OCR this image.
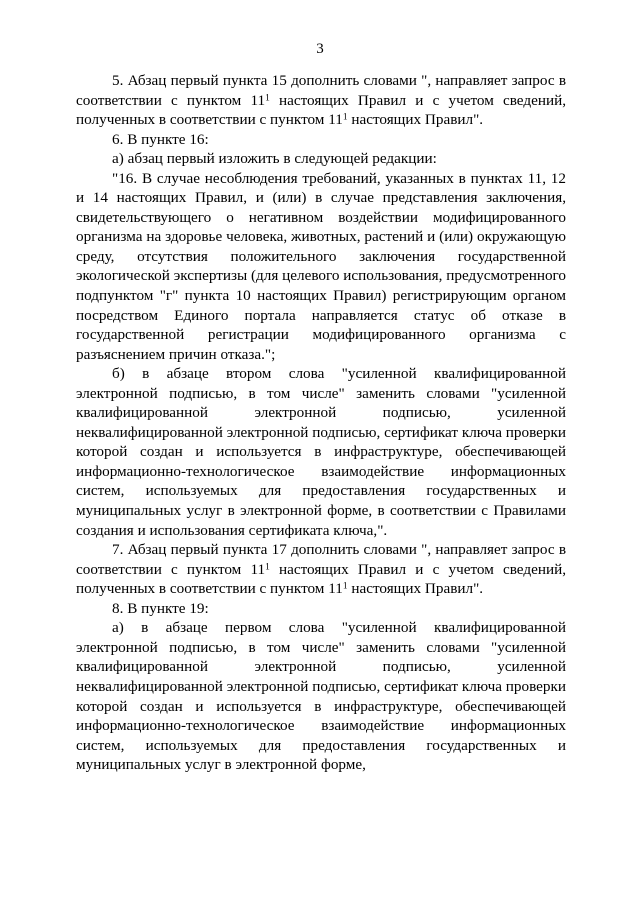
3

5. Абзац первый пункта 15 дополнить словами ", направляет запрос в соответствии с пунктом $11^1$ настоящих Правил и с учетом сведений, полученных в соответствии с пунктом $11^1$ настоящих Правил".

6. В пункте 16:

а) абзац первый изложить в следующей редакции:

"16. В случае несоблюдения требований, указанных в пунктах 11, 12 и 14 настоящих Правил, и (или) в случае представления заключения, свидетельствующего о негативном воздействии модифицированного организма на здоровье человека, животных, растений и (или) окружающую среду, отсутствия положительного заключения государственной экологической экспертизы (для целевого использования, предусмотренного подпунктом "г" пункта 10 настоящих Правил) регистрирующим органом посредством Единого портала направляется статус об отказе в государственной регистрации модифицированного организма с разъяснением причин отказа.";

б) в абзаце втором слова "усиленной квалифицированной электронной подписью, в том числе" заменить словами "усиленной квалифицированной электронной подписью, усиленной неквалифицированной электронной подписью, сертификат ключа проверки которой создан и используется в инфраструктуре, обеспечивающей информационно-технологическое взаимодействие информационных систем, используемых для предоставления государственных и муниципальных услуг в электронной форме, в соответствии с Правилами создания и использования сертификата ключа,".

7. Абзац первый пункта 17 дополнить словами ", направляет запрос в соответствии с пунктом $11^1$ настоящих Правил и с учетом сведений, полученных в соответствии с пунктом $11^1$ настоящих Правил".

8. В пункте 19:

а) в абзаце первом слова "усиленной квалифицированной электронной подписью, в том числе" заменить словами "усиленной квалифицированной электронной подписью, усиленной неквалифицированной электронной подписью, сертификат ключа проверки которой создан и используется в инфраструктуре, обеспечивающей информационно-технологическое взаимодействие информационных систем, используемых для предоставления государственных и муниципальных услуг в электронной форме,
